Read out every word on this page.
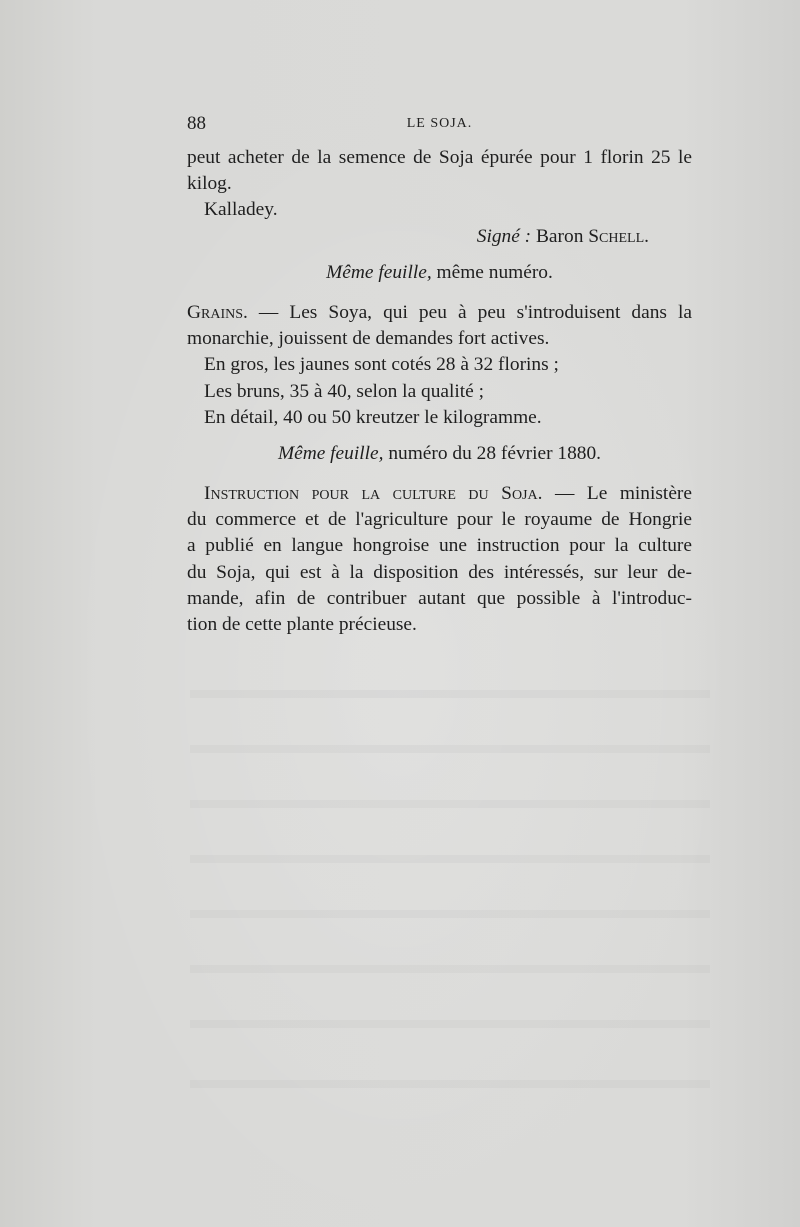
88	LE SOJA.
peut acheter de la semence de Soja épurée pour 1 florin 25 le
kilog.
Kalladey.
Signé : Baron Schell.
Même feuille, même numéro.
Grains. — Les Soya, qui peu à peu s'introduisent dans la
monarchie, jouissent de demandes fort actives.
En gros, les jaunes sont cotés 28 à 32 florins ;
Les bruns, 35 à 40, selon la qualité ;
En détail, 40 ou 50 kreutzer le kilogramme.
Même feuille, numéro du 28 février 1880.
Instruction pour la culture du Soja. — Le ministère
du commerce et de l'agriculture pour le royaume de Hongrie
a publié en langue hongroise une instruction pour la culture
du Soja, qui est à la disposition des intéressés, sur leur de-
mande, afin de contribuer autant que possible à l'introduc-
tion de cette plante précieuse.
